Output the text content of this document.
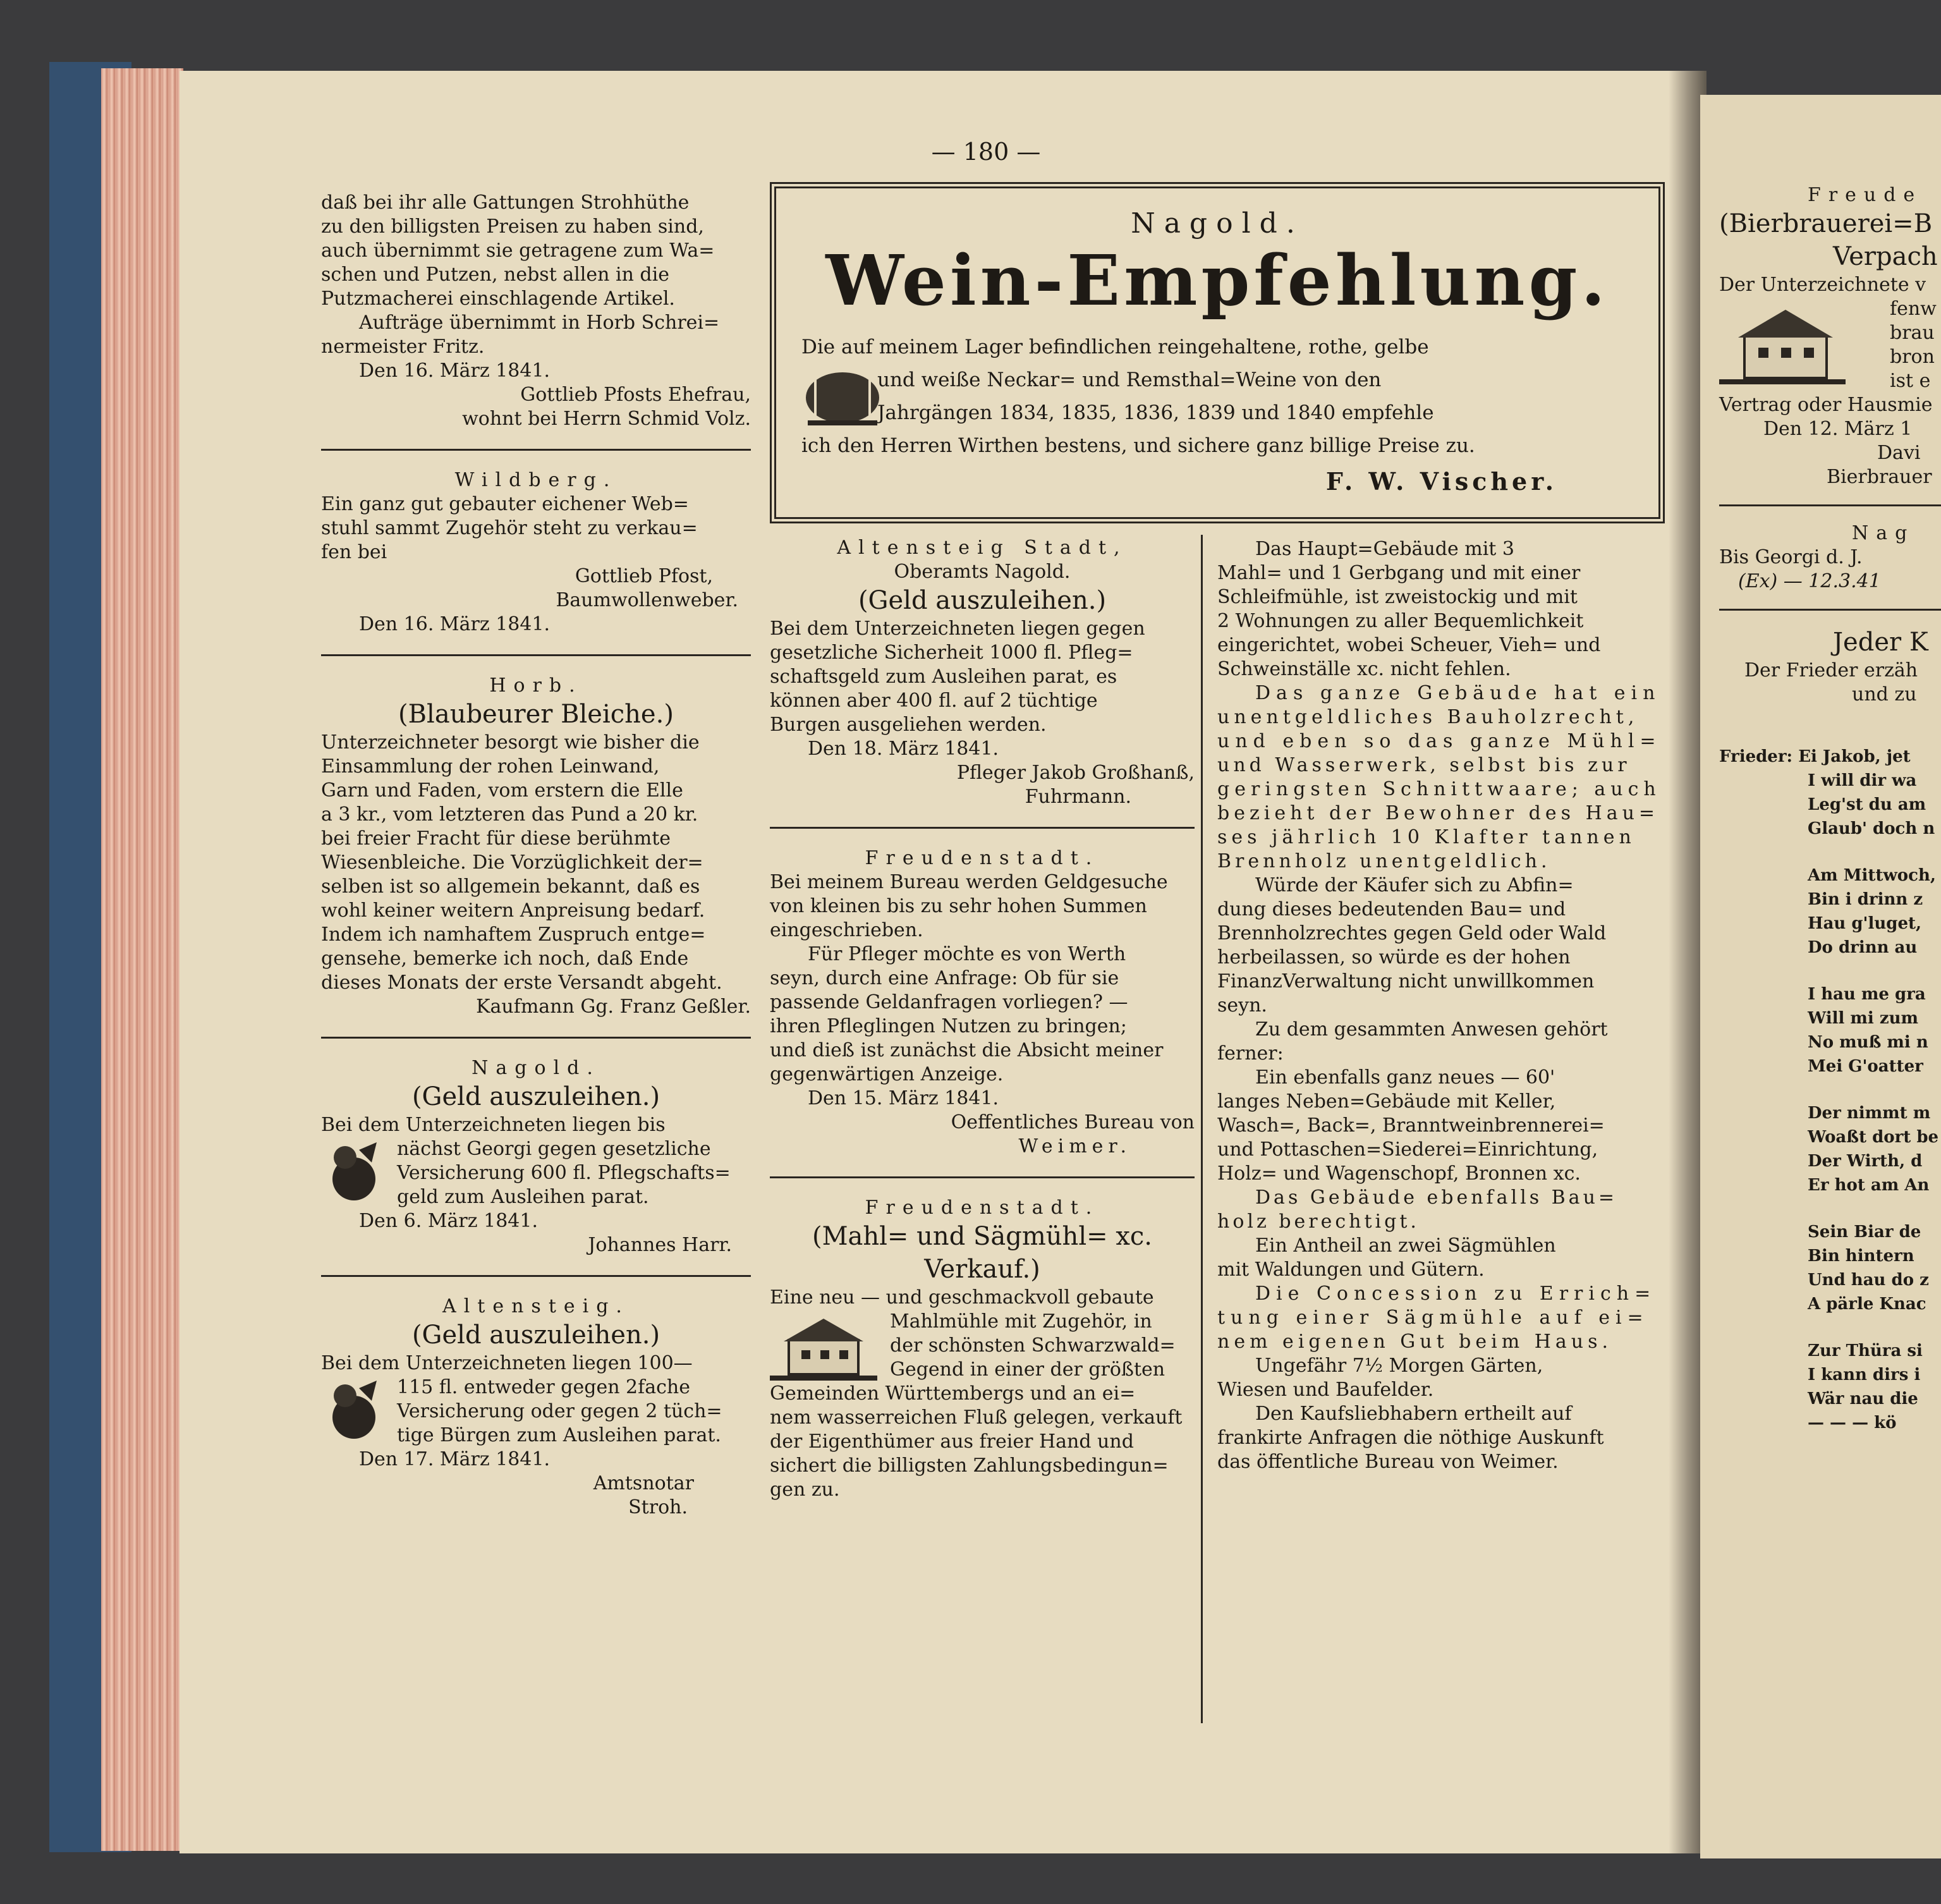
— 180 —
daß bei ihr alle Gattungen Strohhüthe
zu den billigsten Preisen zu haben sind,
auch übernimmt sie getragene zum Wa=
schen und Putzen, nebst allen in die
Putzmacherei einschlagende Artikel.
Aufträge übernimmt in Horb Schrei=
nermeister Fritz.
Den 16. März 1841.
Gottlieb Pfosts Ehefrau,
wohnt bei Herrn Schmid Volz.
Wildberg.
Ein ganz gut gebauter eichener Web=
stuhl sammt Zugehör steht zu verkau=
fen bei
Gottlieb Pfost,
Baumwollenweber.
Den 16. März 1841.
Horb.
(Blaubeurer Bleiche.)
Unterzeichneter besorgt wie bisher die
Einsammlung der rohen Leinwand,
Garn und Faden, vom erstern die Elle
a 3 kr., vom letzteren das Pund a 20 kr.
bei freier Fracht für diese berühmte
Wiesenbleiche. Die Vorzüglichkeit der=
selben ist so allgemein bekannt, daß es
wohl keiner weitern Anpreisung bedarf.
Indem ich namhaftem Zuspruch entge=
gensehe, bemerke ich noch, daß Ende
dieses Monats der erste Versandt abgeht.
Kaufmann Gg. Franz Geßler.
Nagold.
(Geld auszuleihen.)
Bei dem Unterzeichneten liegen bis
nächst Georgi gegen gesetzliche
Versicherung 600 fl. Pflegschafts=
geld zum Ausleihen parat.
Den 6. März 1841.
Johannes Harr.
Altensteig.
(Geld auszuleihen.)
Bei dem Unterzeichneten liegen 100—
115 fl. entweder gegen 2fache
Versicherung oder gegen 2 tüch=
tige Bürgen zum Ausleihen parat.
Den 17. März 1841.
Amtsnotar
Stroh.
Nagold.
Wein-Empfehlung.
Die auf meinem Lager befindlichen reingehaltene, rothe, gelbe
und weiße Neckar= und Remsthal=Weine von den
Jahrgängen 1834, 1835, 1836, 1839 und 1840 empfehle
ich den Herren Wirthen bestens, und sichere ganz billige Preise zu.
F. W. Vischer.
Altensteig Stadt,
Oberamts Nagold.
(Geld auszuleihen.)
Bei dem Unterzeichneten liegen gegen
gesetzliche Sicherheit 1000 fl. Pfleg=
schaftsgeld zum Ausleihen parat, es
können aber 400 fl. auf 2 tüchtige
Burgen ausgeliehen werden.
Den 18. März 1841.
Pfleger Jakob Großhanß,
Fuhrmann.
Freudenstadt.
Bei meinem Bureau werden Geldgesuche
von kleinen bis zu sehr hohen Summen
eingeschrieben.
Für Pfleger möchte es von Werth
seyn, durch eine Anfrage: Ob für sie
passende Geldanfragen vorliegen? —
ihren Pfleglingen Nutzen zu bringen;
und dieß ist zunächst die Absicht meiner
gegenwärtigen Anzeige.
Den 15. März 1841.
Oeffentliches Bureau von
Weimer.
Freudenstadt.
(Mahl= und Sägmühl= xc.
Verkauf.)
Eine neu — und geschmackvoll gebaute
Mahlmühle mit Zugehör, in
der schönsten Schwarzwald=
Gegend in einer der größten
Gemeinden Württembergs und an ei=
nem wasserreichen Fluß gelegen, verkauft
der Eigenthümer aus freier Hand und
sichert die billigsten Zahlungsbedingun=
gen zu.
Das Haupt=Gebäude mit 3
Mahl= und 1 Gerbgang und mit einer
Schleifmühle, ist zweistockig und mit
2 Wohnungen zu aller Bequemlichkeit
eingerichtet, wobei Scheuer, Vieh= und
Schweinställe xc. nicht fehlen.
Das ganze Gebäude hat ein
unentgeldliches Bauholzrecht,
und eben so das ganze Mühl=
und Wasserwerk, selbst bis zur
geringsten Schnittwaare; auch
bezieht der Bewohner des Hau=
ses jährlich 10 Klafter tannen
Brennholz unentgeldlich.
Würde der Käufer sich zu Abfin=
dung dieses bedeutenden Bau= und
Brennholzrechtes gegen Geld oder Wald
herbeilassen, so würde es der hohen
FinanzVerwaltung nicht unwillkommen
seyn.
Zu dem gesammten Anwesen gehört
ferner:
Ein ebenfalls ganz neues — 60'
langes Neben=Gebäude mit Keller,
Wasch=, Back=, Branntweinbrennerei=
und Pottaschen=Siederei=Einrichtung,
Holz= und Wagenschopf, Bronnen xc.
Das Gebäude ebenfalls Bau=
holz berechtigt.
Ein Antheil an zwei Sägmühlen
mit Waldungen und Gütern.
Die Concession zu Errich=
tung einer Sägmühle auf ei=
nem eigenen Gut beim Haus.
Ungefähr 7½ Morgen Gärten,
Wiesen und Baufelder.
Den Kaufsliebhabern ertheilt auf
frankirte Anfragen die nöthige Auskunft
das öffentliche Bureau von Weimer.
Freude
(Bierbrauerei=B
Verpach
Der Unterzeichnete v
fenw
brau
bron
ist e
Vertrag oder Hausmie
Den 12. März 1
Davi
Bierbrauer
Nag
Bis Georgi d. J.
(Ex) — 12.3.41
Jeder K
Der Frieder erzäh
und zu
Frieder: Ei Jakob, jet
I will dir wa
Leg'st du am
Glaub' doch n
Am Mittwoch,
Bin i drinn z
Hau g'luget,
Do drinn au
I hau me gra
Will mi zum
No muß mi n
Mei G'oatter
Der nimmt m
Woaßt dort be
Der Wirth, d
Er hot am An
Sein Biar de
Bin hintern
Und hau do z
A pärle Knac
Zur Thüra si
I kann dirs i
Wär nau die
— — — kö
